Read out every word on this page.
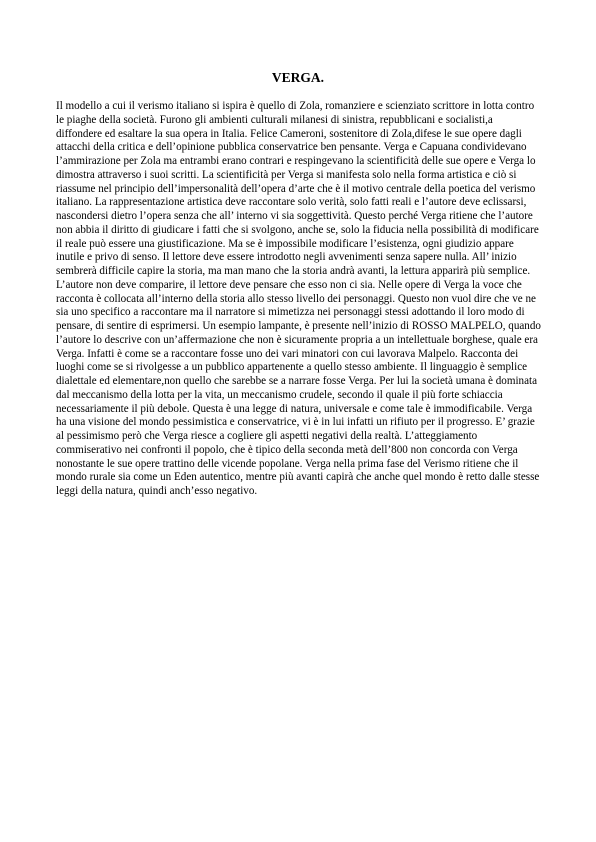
VERGA.

Il modello a cui il verismo italiano si ispira è quello di Zola, romanziere e scienziato scrittore in lotta contro le piaghe della società. Furono gli ambienti culturali milanesi di sinistra, repubblicani e socialisti,a diffondere ed esaltare la sua opera in Italia. Felice Cameroni, sostenitore di Zola,difese le sue opere dagli attacchi della critica e dell’opinione pubblica conservatrice ben pensante. Verga e Capuana condividevano l’ammirazione per Zola ma entrambi erano contrari e respingevano la scientificità delle sue opere e Verga lo dimostra attraverso i suoi scritti. La scientificità per Verga si manifesta solo nella forma artistica e ciò si riassume nel principio dell’impersonalità dell’opera d’arte che è il motivo centrale della poetica del verismo italiano. La rappresentazione artistica deve raccontare solo verità, solo fatti reali e l’autore deve eclissarsi, nascondersi dietro l’opera senza che all’ interno vi sia soggettività. Questo perché Verga ritiene che l’autore non abbia il diritto di giudicare i fatti che si svolgono, anche se, solo la fiducia nella possibilità di modificare il reale può essere una giustificazione. Ma se è impossibile modificare l’esistenza, ogni giudizio appare inutile e privo di senso. Il lettore deve essere introdotto negli avvenimenti senza sapere nulla. All’ inizio sembrerà difficile capire la storia, ma man mano che la storia andrà avanti, la lettura apparirà più semplice. L’autore non deve comparire, il lettore deve pensare che esso non ci sia. Nelle opere di Verga la voce che racconta è collocata all’interno della storia allo stesso livello dei personaggi. Questo non vuol dire che ve ne sia uno specifico a raccontare ma il narratore si mimetizza nei personaggi stessi adottando il loro modo di pensare, di sentire di esprimersi. Un esempio lampante, è presente nell’inizio di ROSSO MALPELO, quando l’autore lo descrive con un’affermazione che non è sicuramente propria a un intellettuale borghese, quale era Verga. Infatti è come se a raccontare fosse uno dei vari minatori con cui lavorava Malpelo. Racconta dei luoghi come se si rivolgesse a un pubblico appartenente a quello stesso ambiente. Il linguaggio è semplice dialettale ed elementare,non quello che sarebbe se a narrare fosse Verga. Per lui la società umana è dominata dal meccanismo della lotta per la vita, un meccanismo crudele, secondo il quale il più forte schiaccia necessariamente il più debole. Questa è una legge di natura, universale e come tale è immodificabile. Verga ha una visione del mondo pessimistica e conservatrice, vi è in lui infatti un rifiuto per il progresso. E’ grazie al pessimismo però che Verga riesce a cogliere gli aspetti negativi della realtà. L’atteggiamento commiserativo nei confronti il popolo, che è tipico della seconda metà dell’800 non concorda con Verga nonostante le sue opere trattino delle vicende popolane. Verga nella prima fase del Verismo ritiene che il mondo rurale sia come un Eden autentico, mentre più avanti capirà che anche quel mondo è retto dalle stesse leggi della natura, quindi anch’esso negativo.
